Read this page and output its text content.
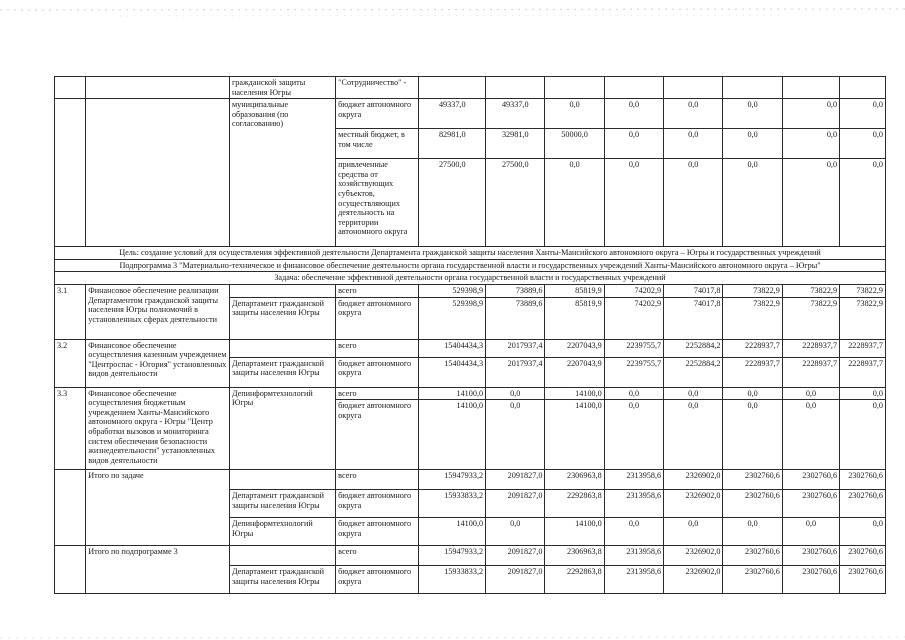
		гражданской защиты населения Югры	"Сотрудничество" -								
		муниципальные образования (по согласованию)	бюджет автономного округа	49337,0	49337,0	0,0	0,0	0,0	0,0	0,0	0,0
			местный бюджет, в том числе	82981,0	32981,0	50000,0	0,0	0,0	0,0	0,0	0,0
			привлеченные средства от хозяйствующих субъектов, осуществляющих деятельность на территории автономного округа	27500,0	27500,0	0,0	0,0	0,0	0,0	0,0	0,0
Цель: создание условий для осуществления эффективной деятельности Департамента гражданской защиты населения Ханты-Мансийского автономного округа – Югры и государственных учреждений											
Подпрограмма 3 "Материально-техническое и финансовое обеспечение деятельности органа государственной власти и государственных учреждений Ханты-Мансийского автономного округа – Югры"											
Задача: обеспечение эффективной деятельности органа государственной власти и государственных учреждений											
3.1	Финансовое обеспечение реализации Департаментом гражданской защиты населения Югры полномочий в установленных сферах деятельности		всего	529398,9	73889,6	85819,9	74202,9	74017,8	73822,9	73822,9	73822,9
		Департамент гражданской защиты населения Югры	бюджет автономного округа	529398,9	73889,6	85819,9	74202,9	74017,8	73822,9	73822,9	73822,9
3.2	Финансовое обеспечение осуществления казенным учреждением "Центроспас - Югория" установленных видов деятельности		всего	15404434,3	2017937,4	2207043,9	2239755,7	2252884,2	2228937,7	2228937,7	2228937,7
		Департамент гражданской защиты населения Югры	бюджет автономного округа	15404434,3	2017937,4	2207043,9	2239755,7	2252884,2	2228937,7	2228937,7	2228937,7
3.3	Финансовое обеспечение осуществления бюджетным учреждением Ханты-Мансийского автономного округа - Югры "Центр обработки вызовов и мониторинга систем обеспечения безопасности жизнедеятельности" установленных видов деятельности	Депинформтехнологий Югры	всего	14100,0	0,0	14100,0	0,0	0,0	0,0	0,0	0,0
			бюджет автономного округа	14100,0	0,0	14100,0	0,0	0,0	0,0	0,0	0,0
	Итого по задаче		всего	15947933,2	2091827,0	2306963,8	2313958,6	2326902,0	2302760,6	2302760,6	2302760,6
		Департамент гражданской защиты населения Югры	бюджет автономного округа	15933833,2	2091827,0	2292863,8	2313958,6	2326902,0	2302760,6	2302760,6	2302760,6
		Депинформтехнологий Югры	бюджет автономного округа	14100,0	0,0	14100,0	0,0	0,0	0,0	0,0	0,0
	Итого по подпрограмме 3		всего	15947933,2	2091827,0	2306963,8	2313958,6	2326902,0	2302760,6	2302760,6	2302760,6
		Департамент гражданской защиты населения Югры	бюджет автономного округа	15933833,2	2091827,0	2292863,8	2313958,6	2326902,0	2302760,6	2302760,6	2302760,6
